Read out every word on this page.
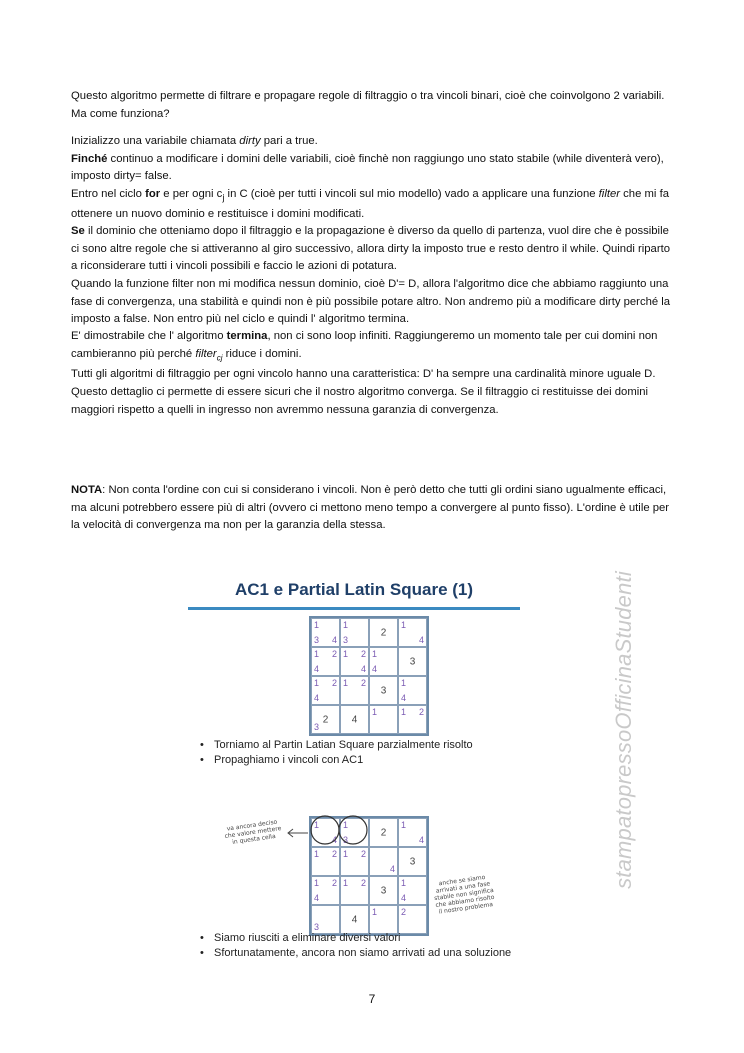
Questo algoritmo permette di filtrare e propagare regole di filtraggio o tra vincoli binari, cioè che coinvolgono 2 variabili. Ma come funziona?

Inizializzo una variabile chiamata dirty pari a true.

Finché continuo a modificare i domini delle variabili, cioè finchè non raggiungo uno stato stabile (while diventerà vero), imposto dirty= false.

Entro nel ciclo for e per ogni $c_j$ in C (cioè per tutti i vincoli sul mio modello) vado a applicare una funzione filter che mi fa ottenere un nuovo dominio e restituisce i domini modificati.

Se il dominio che otteniamo dopo il filtraggio e la propagazione è diverso da quello di partenza, vuol dire che è possibile ci sono altre regole che si attiveranno al giro successivo, allora dirty la imposto true e resto dentro il while. Quindi riparto a riconsiderare tutti i vincoli possibili e faccio le azioni di potatura.

Quando la funzione filter non mi modifica nessun dominio, cioè D'= D, allora l'algoritmo dice che abbiamo raggiunto una fase di convergenza, una stabilità e quindi non è più possibile potare altro. Non andremo più a modificare dirty perché la imposto a false. Non entro più nel ciclo e quindi l' algoritmo termina.

E' dimostrabile che l' algoritmo termina, non ci sono loop infiniti. Raggiungeremo un momento tale per cui domini non cambieranno più perché filter$_{cj}$ riduce i domini.

Tutti gli algoritmi di filtraggio per ogni vincolo hanno una caratteristica: D' ha sempre una cardinalità minore uguale D. Questo dettaglio ci permette di essere sicuri che il nostro algoritmo converga. Se il filtraggio ci restituisse dei domini maggiori rispetto a quelli in ingresso non avremmo nessuna garanzia di convergenza.

NOTA: Non conta l'ordine con cui si considerano i vincoli. Non è però detto che tutti gli ordini siano ugualmente efficaci, ma alcuni potrebbero essere più di altri (ovvero ci mettono meno tempo a convergere al punto fisso). L'ordine è utile per la velocità di convergenza ma non per la garanzia della stessa.

stampatopressoOfficinaStudenti
AC1 e Partial Latin Square (1)
1
3 4
1
3
2
1
4
1 2
4
1 2
4
1
4
3
1 2
4
1 2
3
1
4
3
2 4
1	1 2
• Torniamo al Partin Latian Square parzialmente risolto
• Propaghiamo i vincoli con AC1
va ancora deciso che valore mettere in questa cella
1
4
1
3
2
1
4
1 2 1 2
4
3
1 2
4
1 2
3
1
4
3
4
1	2
anche se siamo arrivati a una fase stabile non significa che abbiamo risolto il nostro problema
• Siamo riusciti a eliminare diversi valori
• Sfortunatamente, ancora non siamo arrivati ad una soluzione
7
